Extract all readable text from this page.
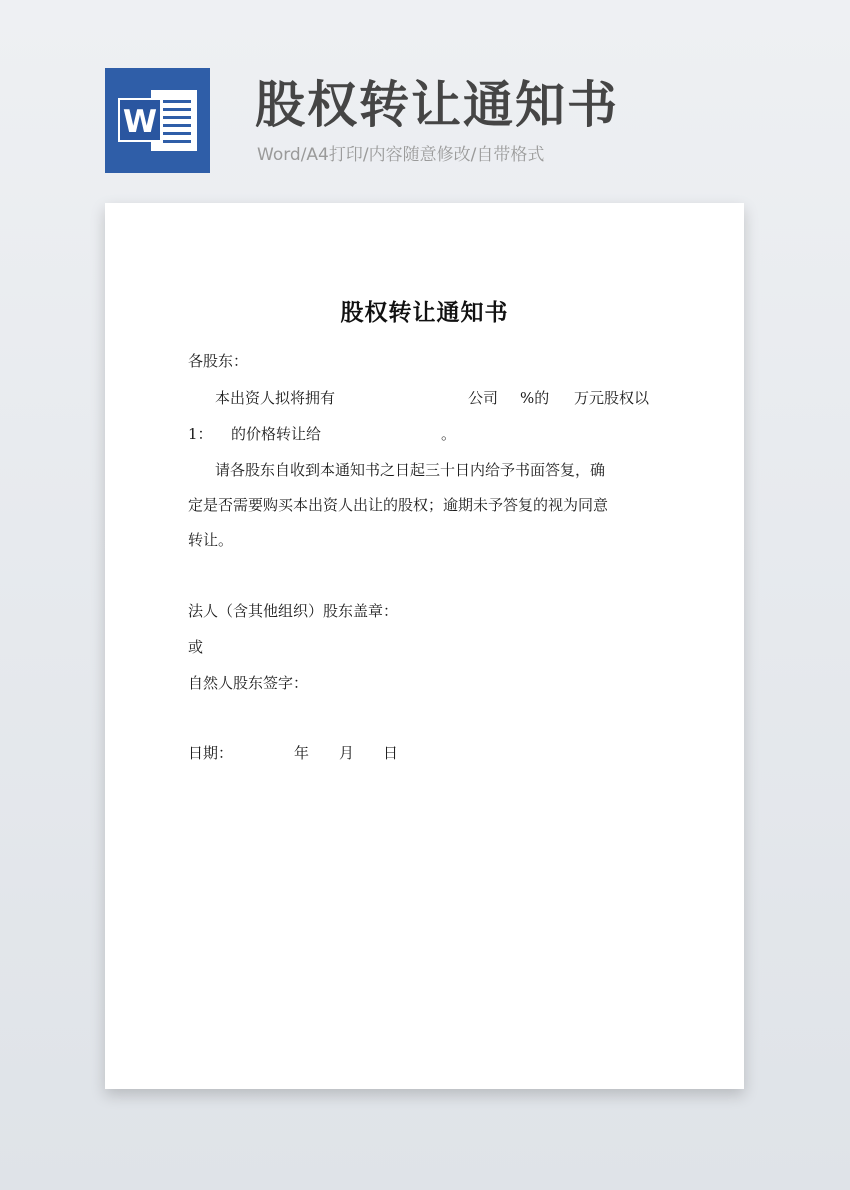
W 股权转让通知书
Word/A4打印/内容随意修改/自带格式
股权转让通知书
各股东：
本出资人拟将拥有	公司 %的 万元股权以
1： 的价格转让给	。
请各股东自收到本通知书之日起三十日内给予书面答复，确
定是否需要购买本出资人出让的股权；逾期未予答复的视为同意
转让。
法人（含其他组织）股东盖章：
或
自然人股东签字：
日期：	年 月 日
